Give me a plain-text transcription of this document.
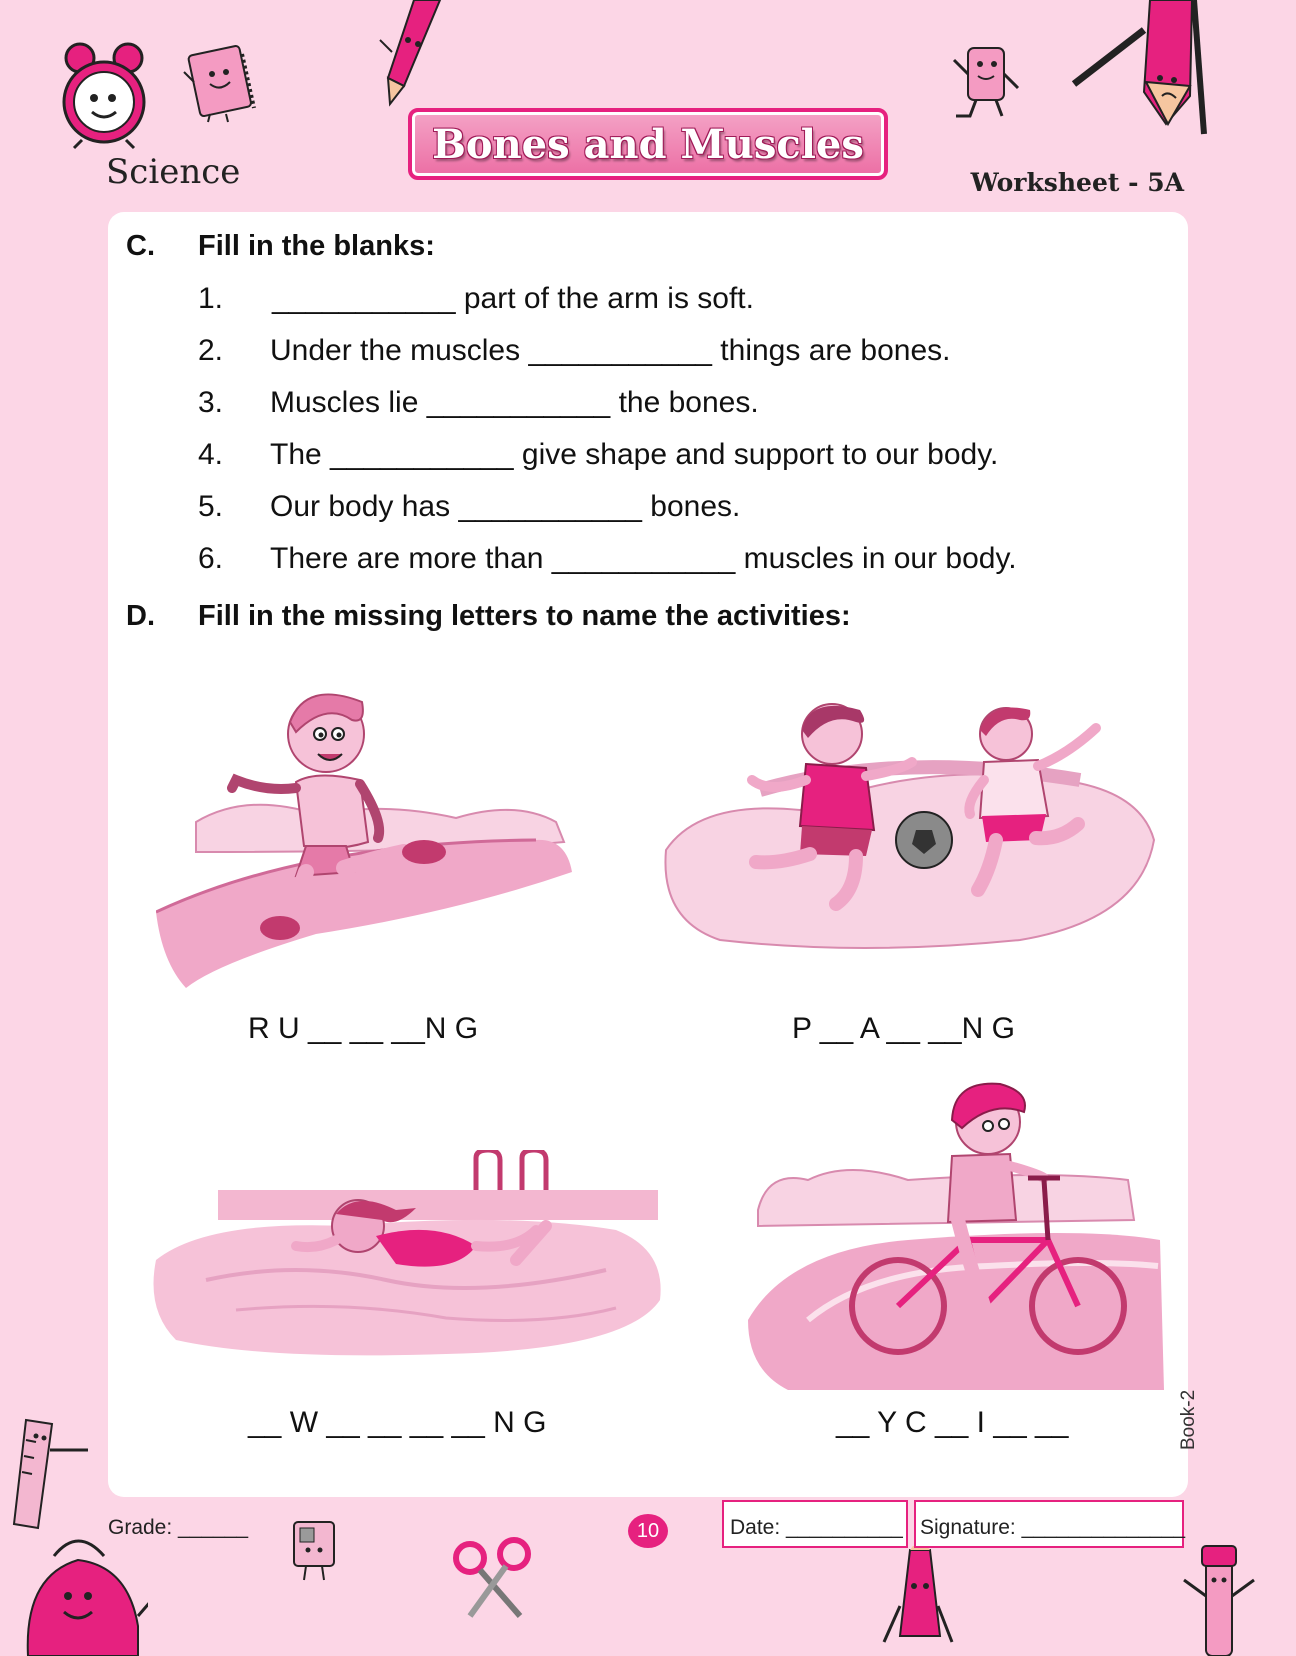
Science
Bones and Muscles
Worksheet - 5A
C. Fill in the blanks:
1. ___________ part of the arm is soft.
2. Under the muscles ___________ things are bones.
3. Muscles lie ___________ the bones.
4. The ___________ give shape and support to our body.
5. Our body has ___________ bones.
6. There are more than ___________ muscles in our body.
D. Fill in the missing letters to name the activities:
R U __ __ __N G	P __ A __ __N G
__ W __ __ __ __ N G	__ Y C __ I __ __
Grade: ______	10	Date: __________ Signature: ______________
Book-2
